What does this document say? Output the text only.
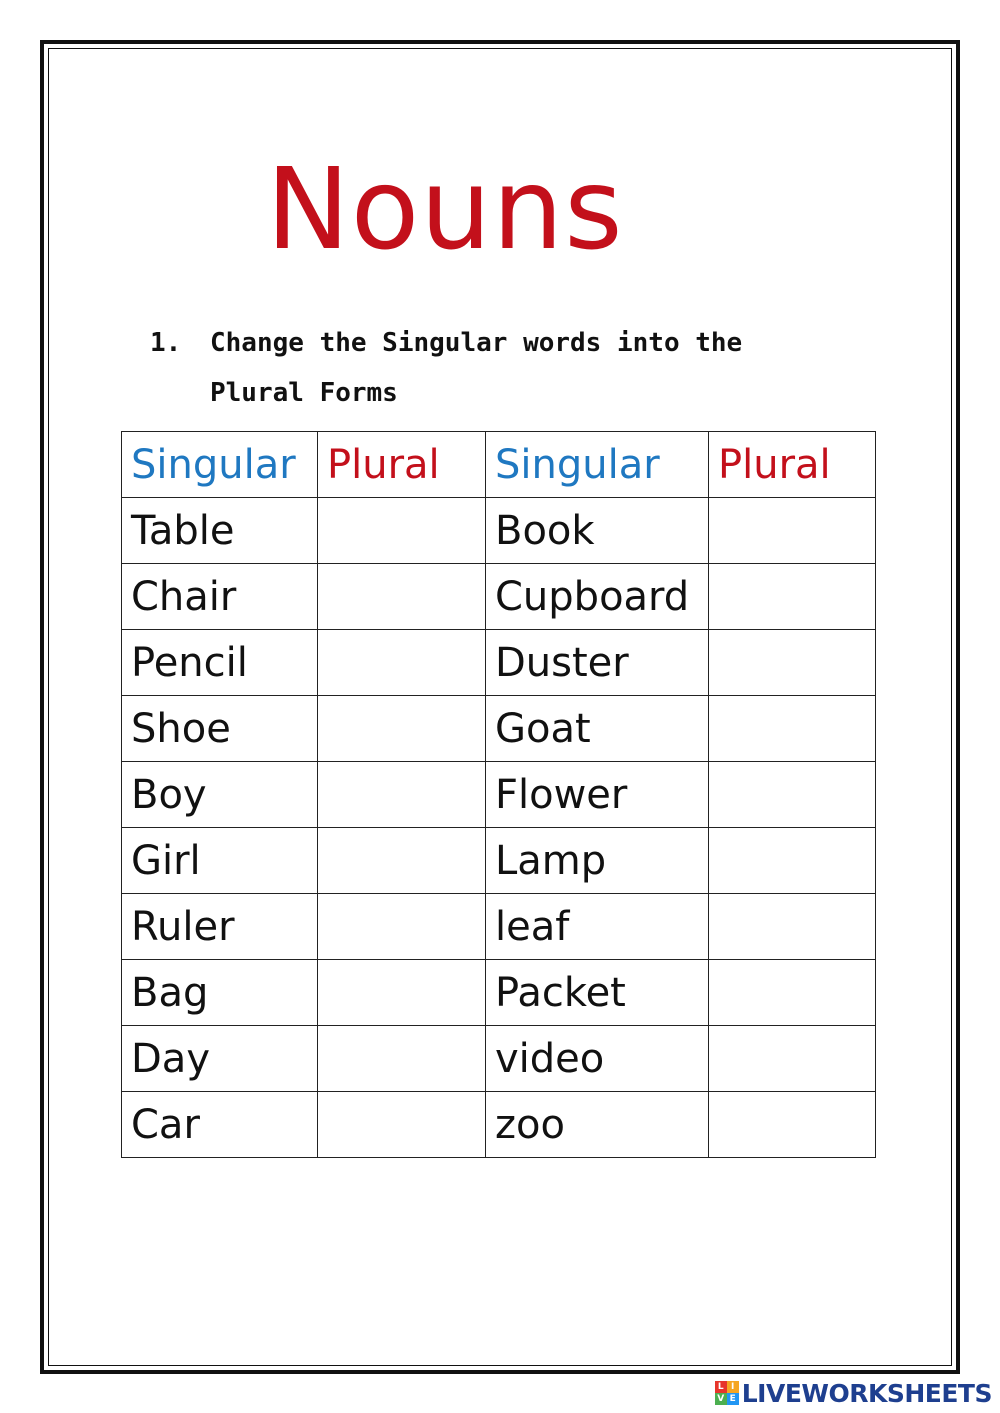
Nouns
1. Change the Singular words into the
Plural Forms
Singular	Plural	Singular	Plural
Table		Book	
Chair		Cupboard	
Pencil		Duster	
Shoe		Goat	
Boy		Flower	
Girl		Lamp	
Ruler		leaf	
Bag		Packet	
Day		video	
Car		zoo	
L I
V E LIVEWORKSHEETS
